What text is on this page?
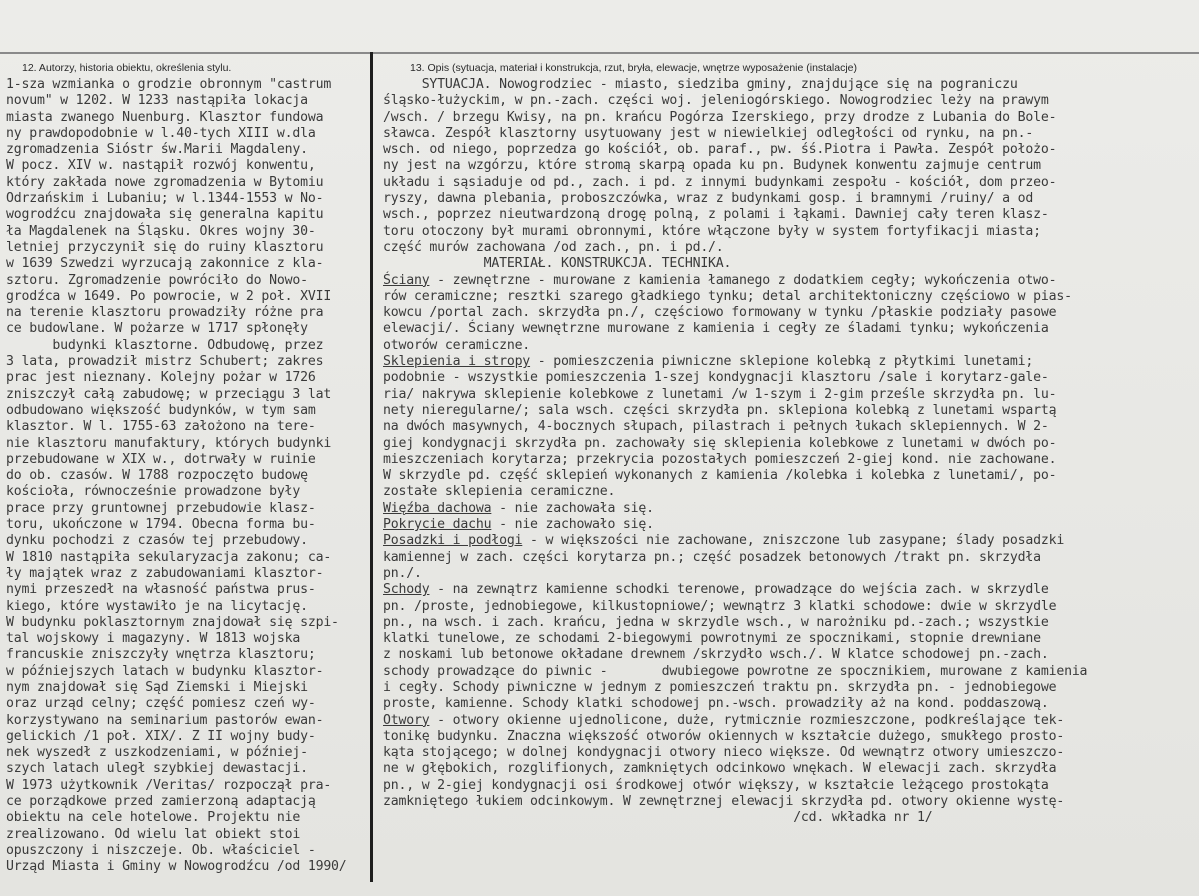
12. Autorzy, historia obiektu, określenia stylu.	13. Opis (sytuacja, materiał i konstrukcja, rzut, bryła, elewacje, wnętrze wyposażenie (instalacje)
1-sza wzmianka o grodzie obronnym "castrum
novum" w 1202. W 1233 nastąpiła lokacja
miasta zwanego Nuenburg. Klasztor fundowa
ny prawdopodobnie w l.40-tych XIII w.dla
zgromadzenia Sióstr św.Marii Magdaleny.
W pocz. XIV w. nastąpił rozwój konwentu,
który zakłada nowe zgromadzenia w Bytomiu
Odrzańskim i Lubaniu; w l.1344-1553 w No-
wogrodźcu znajdowała się generalna kapitu
ła Magdalenek na Śląsku. Okres wojny 30-
letniej przyczynił się do ruiny klasztoru
w 1639 Szwedzi wyrzucają zakonnice z kla-
sztoru. Zgromadzenie powróciło do Nowo-
grodźca w 1649. Po powrocie, w 2 poł. XVII
na terenie klasztoru prowadziły różne pra
ce budowlane. W pożarze w 1717 spłonęły
budynki klasztorne. Odbudowę, przez
3 lata, prowadził mistrz Schubert; zakres
prac jest nieznany. Kolejny pożar w 1726
zniszczył całą zabudowę; w przeciągu 3 lat
odbudowano większość budynków, w tym sam
klasztor. W l. 1755-63 założono na tere-
nie klasztoru manufaktury, których budynki
przebudowane w XIX w., dotrwały w ruinie
do ob. czasów. W 1788 rozpoczęto budowę
kościoła, równocześnie prowadzone były
prace przy gruntownej przebudowie klasz-
toru, ukończone w 1794. Obecna forma bu-
dynku pochodzi z czasów tej przebudowy.
W 1810 nastąpiła sekularyzacja zakonu; ca-
ły majątek wraz z zabudowaniami klasztor-
nymi przeszedł na własność państwa prus-
kiego, które wystawiło je na licytację.
W budynku poklasztornym znajdował się szpi-
tal wojskowy i magazyny. W 1813 wojska
francuskie zniszczyły wnętrza klasztoru;
w późniejszych latach w budynku klasztor-
nym znajdował się Sąd Ziemski i Miejski
oraz urząd celny; część pomiesz czeń wy-
korzystywano na seminarium pastorów ewan-
gelickich /1 poł. XIX/. Z II wojny budy-
nek wyszedł z uszkodzeniami, w później-
szych latach uległ szybkiej dewastacji.
W 1973 użytkownik /Veritas/ rozpoczął pra-
ce porządkowe przed zamierzoną adaptacją
obiektu na cele hotelowe. Projektu nie
zrealizowano. Od wielu lat obiekt stoi
opuszczony i niszczeje. Ob. właściciel -
Urząd Miasta i Gminy w Nowogrodźcu /od 1990/
SYTUACJA. Nowogrodziec - miasto, siedziba gminy, znajdujące się na pograniczu
śląsko-łużyckim, w pn.-zach. części woj. jeleniogórskiego. Nowogrodziec leży na prawym
/wsch. / brzegu Kwisy, na pn. krańcu Pogórza Izerskiego, przy drodze z Lubania do Bole-
sławca. Zespół klasztorny usytuowany jest w niewielkiej odległości od rynku, na pn.-
wsch. od niego, poprzedza go kościół, ob. paraf., pw. śś.Piotra i Pawła. Zespół położo-
ny jest na wzgórzu, które stromą skarpą opada ku pn. Budynek konwentu zajmuje centrum
układu i sąsiaduje od pd., zach. i pd. z innymi budynkami zespołu - kościół, dom przeo-
ryszy, dawna plebania, proboszczówka, wraz z budynkami gosp. i bramnymi /ruiny/ a od
wsch., poprzez nieutwardzoną drogę polną, z polami i łąkami. Dawniej cały teren klasz-
toru otoczony był murami obronnymi, które włączone były w system fortyfikacji miasta;
część murów zachowana /od zach., pn. i pd./.
MATERIAŁ. KONSTRUKCJA. TECHNIKA.
Ściany - zewnętrzne - murowane z kamienia łamanego z dodatkiem cegły; wykończenia otwo-
rów ceramiczne; resztki szarego gładkiego tynku; detal architektoniczny częściowo w pias-
kowcu /portal zach. skrzydła pn./, częściowo formowany w tynku /płaskie podziały pasowe
elewacji/. Ściany wewnętrzne murowane z kamienia i cegły ze śladami tynku; wykończenia
otworów ceramiczne.
Sklepienia i stropy - pomieszczenia piwniczne sklepione kolebką z płytkimi lunetami;
podobnie - wszystkie pomieszczenia 1-szej kondygnacji klasztoru /sale i korytarz-gale-
ria/ nakrywa sklepienie kolebkowe z lunetami /w 1-szym i 2-gim prześle skrzydła pn. lu-
nety nieregularne/; sala wsch. części skrzydła pn. sklepiona kolebką z lunetami wspartą
na dwóch masywnych, 4-bocznych słupach, pilastrach i pełnych łukach sklepiennych. W 2-
giej kondygnacji skrzydła pn. zachowały się sklepienia kolebkowe z lunetami w dwóch po-
mieszczeniach korytarza; przekrycia pozostałych pomieszczeń 2-giej kond. nie zachowane.
W skrzydle pd. część sklepień wykonanych z kamienia /kolebka i kolebka z lunetami/, po-
zostałe sklepienia ceramiczne.
Więźba dachowa - nie zachowała się.
Pokrycie dachu - nie zachowało się.
Posadzki i podłogi - w większości nie zachowane, zniszczone lub zasypane; ślady posadzki
kamiennej w zach. części korytarza pn.; część posadzek betonowych /trakt pn. skrzydła
pn./.
Schody - na zewnątrz kamienne schodki terenowe, prowadzące do wejścia zach. w skrzydle
pn. /proste, jednobiegowe, kilkustopniowe/; wewnątrz 3 klatki schodowe: dwie w skrzydle
pn., na wsch. i zach. krańcu, jedna w skrzydle wsch., w narożniku pd.-zach.; wszystkie
klatki tunelowe, ze schodami 2-biegowymi powrotnymi ze spocznikami, stopnie drewniane
z noskami lub betonowe okładane drewnem /skrzydło wsch./. W klatce schodowej pn.-zach.
schody prowadzące do piwnic -       dwubiegowe powrotne ze spocznikiem, murowane z kamienia
i cegły. Schody piwniczne w jednym z pomieszczeń traktu pn. skrzydła pn. - jednobiegowe
proste, kamienne. Schody klatki schodowej pn.-wsch. prowadziły aż na kond. poddaszową.
Otwory - otwory okienne ujednolicone, duże, rytmicznie rozmieszczone, podkreślające tek-
tonikę budynku. Znaczna większość otworów okiennych w kształcie dużego, smukłego prosto-
kąta stojącego; w dolnej kondygnacji otwory nieco większe. Od wewnątrz otwory umieszczo-
ne w głębokich, rozglifionych, zamkniętych odcinkowo wnękach. W elewacji zach. skrzydła
pn., w 2-giej kondygnacji osi środkowej otwór większy, w kształcie leżącego prostokąta
zamkniętego łukiem odcinkowym. W zewnętrznej elewacji skrzydła pd. otwory okienne wystę-
/cd. wkładka nr 1/
